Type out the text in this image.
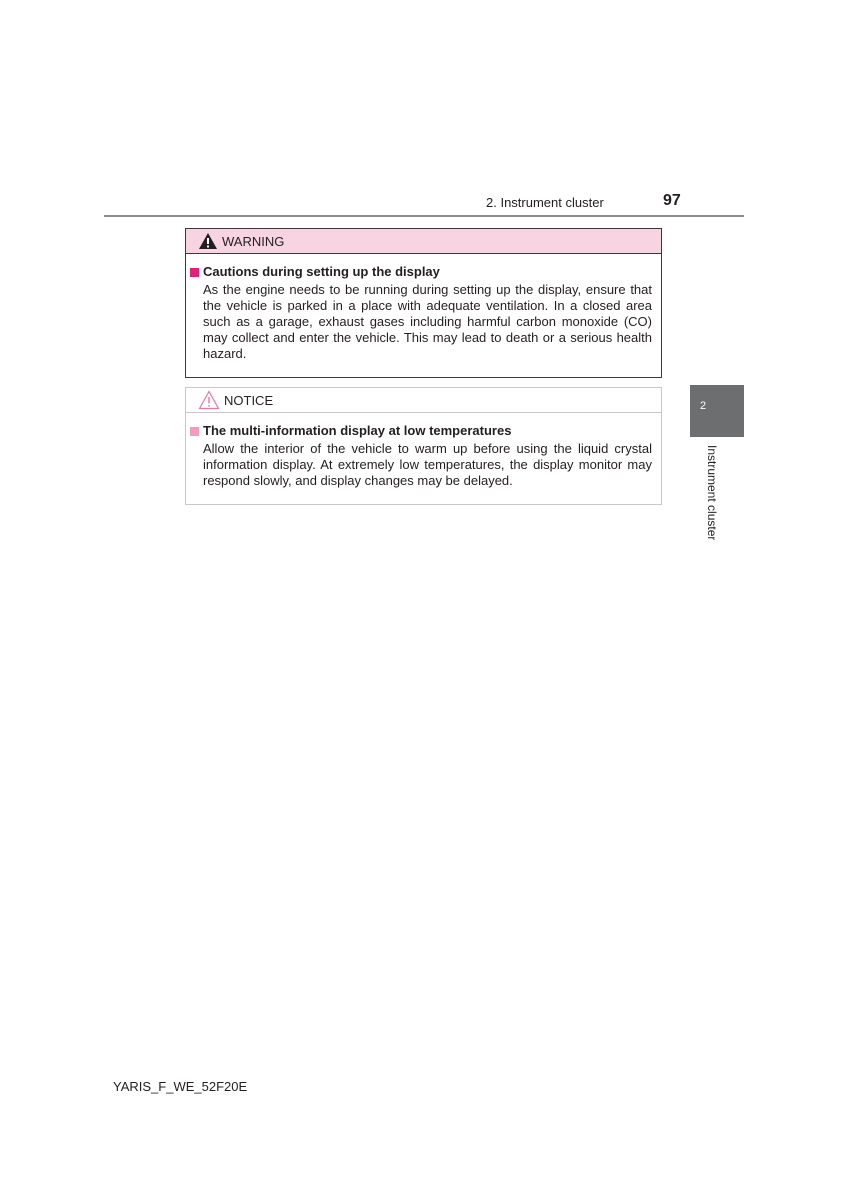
2. Instrument cluster	97
WARNING
Cautions during setting up the display

As the engine needs to be running during setting up the display, ensure that the vehicle is parked in a place with adequate ventilation. In a closed area such as a garage, exhaust gases including harmful carbon monoxide (CO) may collect and enter the vehicle. This may lead to death or a serious health hazard.

NOTICE
The multi-information display at low temperatures

Allow the interior of the vehicle to warm up before using the liquid crystal information display. At extremely low temperatures, the display monitor may respond slowly, and display changes may be delayed.

2
Instrument cluster
YARIS_F_WE_52F20E
